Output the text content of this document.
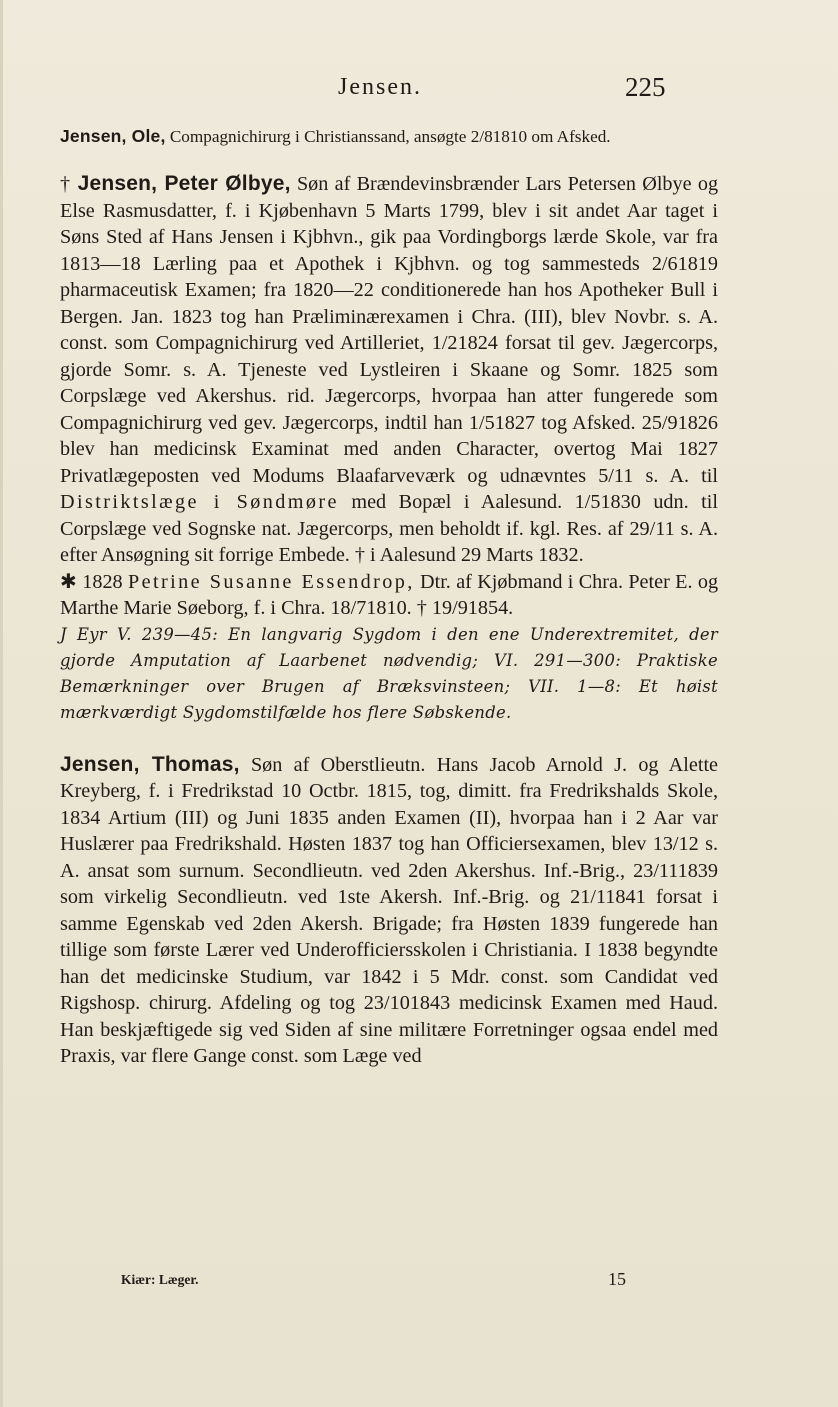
Jensen.	225

Jensen, Ole, Compagnichirurg i Christianssand, ansøgte 2/81810 om Afsked.

† Jensen, Peter Ølbye, Søn af Brændevinsbrænder Lars Petersen Ølbye og Else Rasmusdatter, f. i Kjøbenhavn 5 Marts 1799, blev i sit andet Aar taget i Søns Sted af Hans Jensen i Kjbhvn., gik paa Vordingborgs lærde Skole, var fra 1813—18 Lærling paa et Apothek i Kjbhvn. og tog sammesteds 2/61819 pharmaceutisk Examen; fra 1820—22 conditionerede han hos Apotheker Bull i Bergen. Jan. 1823 tog han Præliminærexamen i Chra. (III), blev Novbr. s. A. const. som Compagnichirurg ved Artilleriet, 1/21824 forsat til gev. Jægercorps, gjorde Somr. s. A. Tjeneste ved Lystleiren i Skaane og Somr. 1825 som Corpslæge ved Akershus. rid. Jægercorps, hvorpaa han atter fungerede som Compagnichirurg ved gev. Jægercorps, indtil han 1/51827 tog Afsked. 25/91826 blev han medicinsk Examinat med anden Character, overtog Mai 1827 Privatlægeposten ved Modums Blaafarveværk og udnævntes 5/11 s. A. til Distriktslæge i Søndmøre med Bopæl i Aalesund. 1/51830 udn. til Corpslæge ved Sognske nat. Jægercorps, men beholdt if. kgl. Res. af 29/11 s. A. efter Ansøgning sit forrige Embede. † i Aalesund 29 Marts 1832.

✱ 1828 Petrine Susanne Essendrop, Dtr. af Kjøbmand i Chra. Peter E. og Marthe Marie Søeborg, f. i Chra. 18/71810. † 19/91854.

J Eyr V. 239—45: En langvarig Sygdom i den ene Underextremitet, der gjorde Amputation af Laarbenet nødvendig; VI. 291—300: Praktiske Bemærkninger over Brugen af Bræksvinsteen; VII. 1—8: Et høist mærkværdigt Sygdomstilfælde hos flere Søbskende.

Jensen, Thomas, Søn af Oberstlieutn. Hans Jacob Arnold J. og Alette Kreyberg, f. i Fredrikstad 10 Octbr. 1815, tog, dimitt. fra Fredrikshalds Skole, 1834 Artium (III) og Juni 1835 anden Examen (II), hvorpaa han i 2 Aar var Huslærer paa Fredrikshald. Høsten 1837 tog han Officiersexamen, blev 13/12 s. A. ansat som surnum. Secondlieutn. ved 2den Akershus. Inf.-Brig., 23/111839 som virkelig Secondlieutn. ved 1ste Akersh. Inf.-Brig. og 21/11841 forsat i samme Egenskab ved 2den Akersh. Brigade; fra Høsten 1839 fungerede han tillige som første Lærer ved Underofficiersskolen i Christiania. I 1838 begyndte han det medicinske Studium, var 1842 i 5 Mdr. const. som Candidat ved Rigshosp. chirurg. Afdeling og tog 23/101843 medicinsk Examen med Haud. Han beskjæftigede sig ved Siden af sine militære Forretninger ogsaa endel med Praxis, var flere Gange const. som Læge ved

Kiær: Læger.	15
